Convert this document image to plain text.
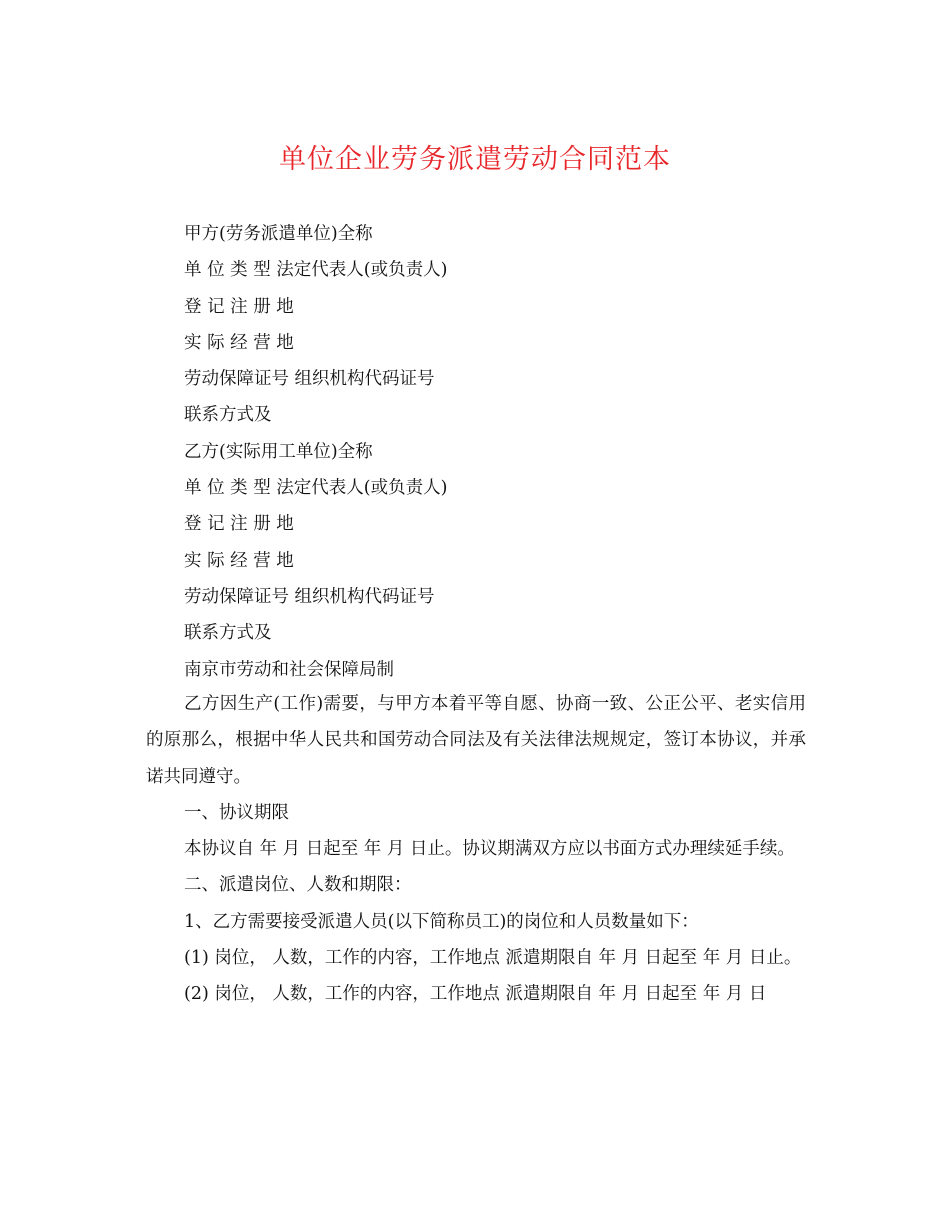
单位企业劳务派遣劳动合同范本
甲方(劳务派遣单位)全称
单 位 类 型 法定代表人(或负责人)
登 记 注 册 地
实 际 经 营 地
劳动保障证号 组织机构代码证号
联系方式及
乙方(实际用工单位)全称
单 位 类 型 法定代表人(或负责人)
登 记 注 册 地
实 际 经 营 地
劳动保障证号 组织机构代码证号
联系方式及
南京市劳动和社会保障局制

乙方因生产(工作)需要，与甲方本着平等自愿、协商一致、公正公平、老实信用的原那么，根据中华人民共和国劳动合同法及有关法律法规规定，签订本协议，并承诺共同遵守。

一、协议期限

本协议自 年 月 日起至 年 月 日止。协议期满双方应以书面方式办理续延手续。

二、派遣岗位、人数和期限：

1、乙方需要接受派遣人员(以下简称员工)的岗位和人员数量如下：

(1) 岗位， 人数，工作的内容，工作地点 派遣期限自 年 月 日起至 年 月 日止。

(2) 岗位， 人数，工作的内容，工作地点 派遣期限自 年 月 日起至 年 月 日
